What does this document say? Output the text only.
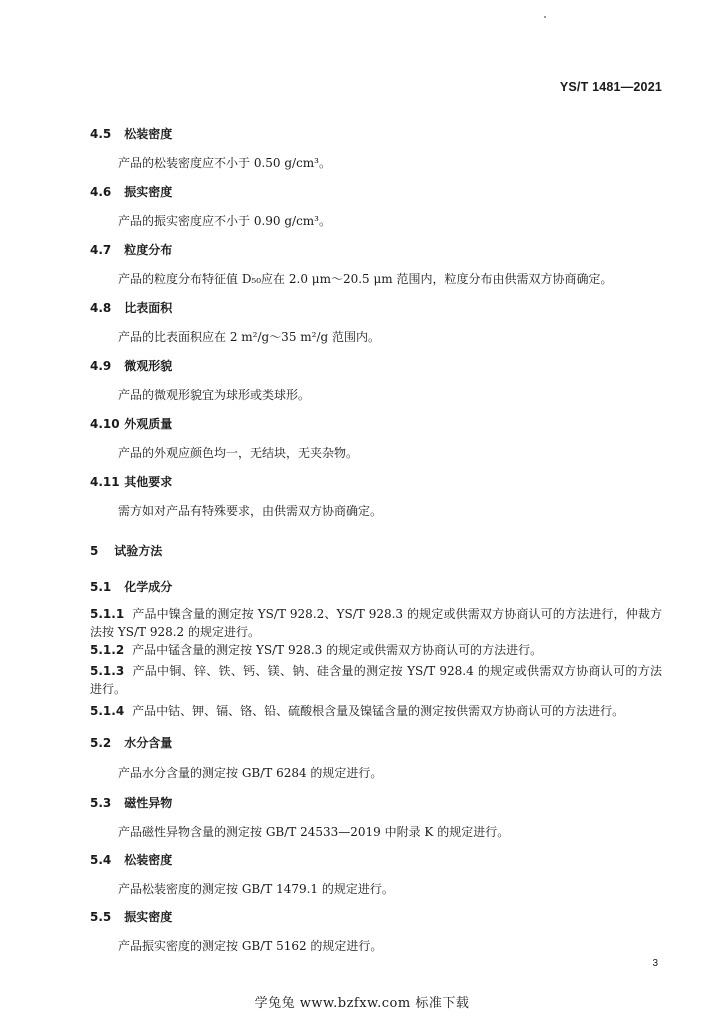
YS/T 1481—2021
4.5 松装密度
产品的松装密度应不小于 0.50 g/cm³。
4.6 振实密度
产品的振实密度应不小于 0.90 g/cm³。
4.7 粒度分布
产品的粒度分布特征值 D₅₀应在 2.0 μm～20.5 μm 范围内，粒度分布由供需双方协商确定。
4.8 比表面积
产品的比表面积应在 2 m²/g～35 m²/g 范围内。
4.9 微观形貌
产品的微观形貌宜为球形或类球形。
4.10 外观质量
产品的外观应颜色均一，无结块，无夹杂物。
4.11 其他要求
需方如对产品有特殊要求，由供需双方协商确定。
5 试验方法
5.1 化学成分
5.1.1 产品中镍含量的测定按 YS/T 928.2、YS/T 928.3 的规定或供需双方协商认可的方法进行，仲裁方法按 YS/T 928.2 的规定进行。
5.1.2 产品中锰含量的测定按 YS/T 928.3 的规定或供需双方协商认可的方法进行。
5.1.3 产品中铜、锌、铁、钙、镁、钠、硅含量的测定按 YS/T 928.4 的规定或供需双方协商认可的方法进行。
5.1.4 产品中钴、钾、镉、铬、铅、硫酸根含量及镍锰含量的测定按供需双方协商认可的方法进行。
5.2 水分含量
产品水分含量的测定按 GB/T 6284 的规定进行。
5.3 磁性异物
产品磁性异物含量的测定按 GB/T 24533—2019 中附录 K 的规定进行。
5.4 松装密度
产品松装密度的测定按 GB/T 1479.1 的规定进行。
5.5 振实密度
产品振实密度的测定按 GB/T 5162 的规定进行。
3
学兔兔 www.bzfxw.com 标准下载
